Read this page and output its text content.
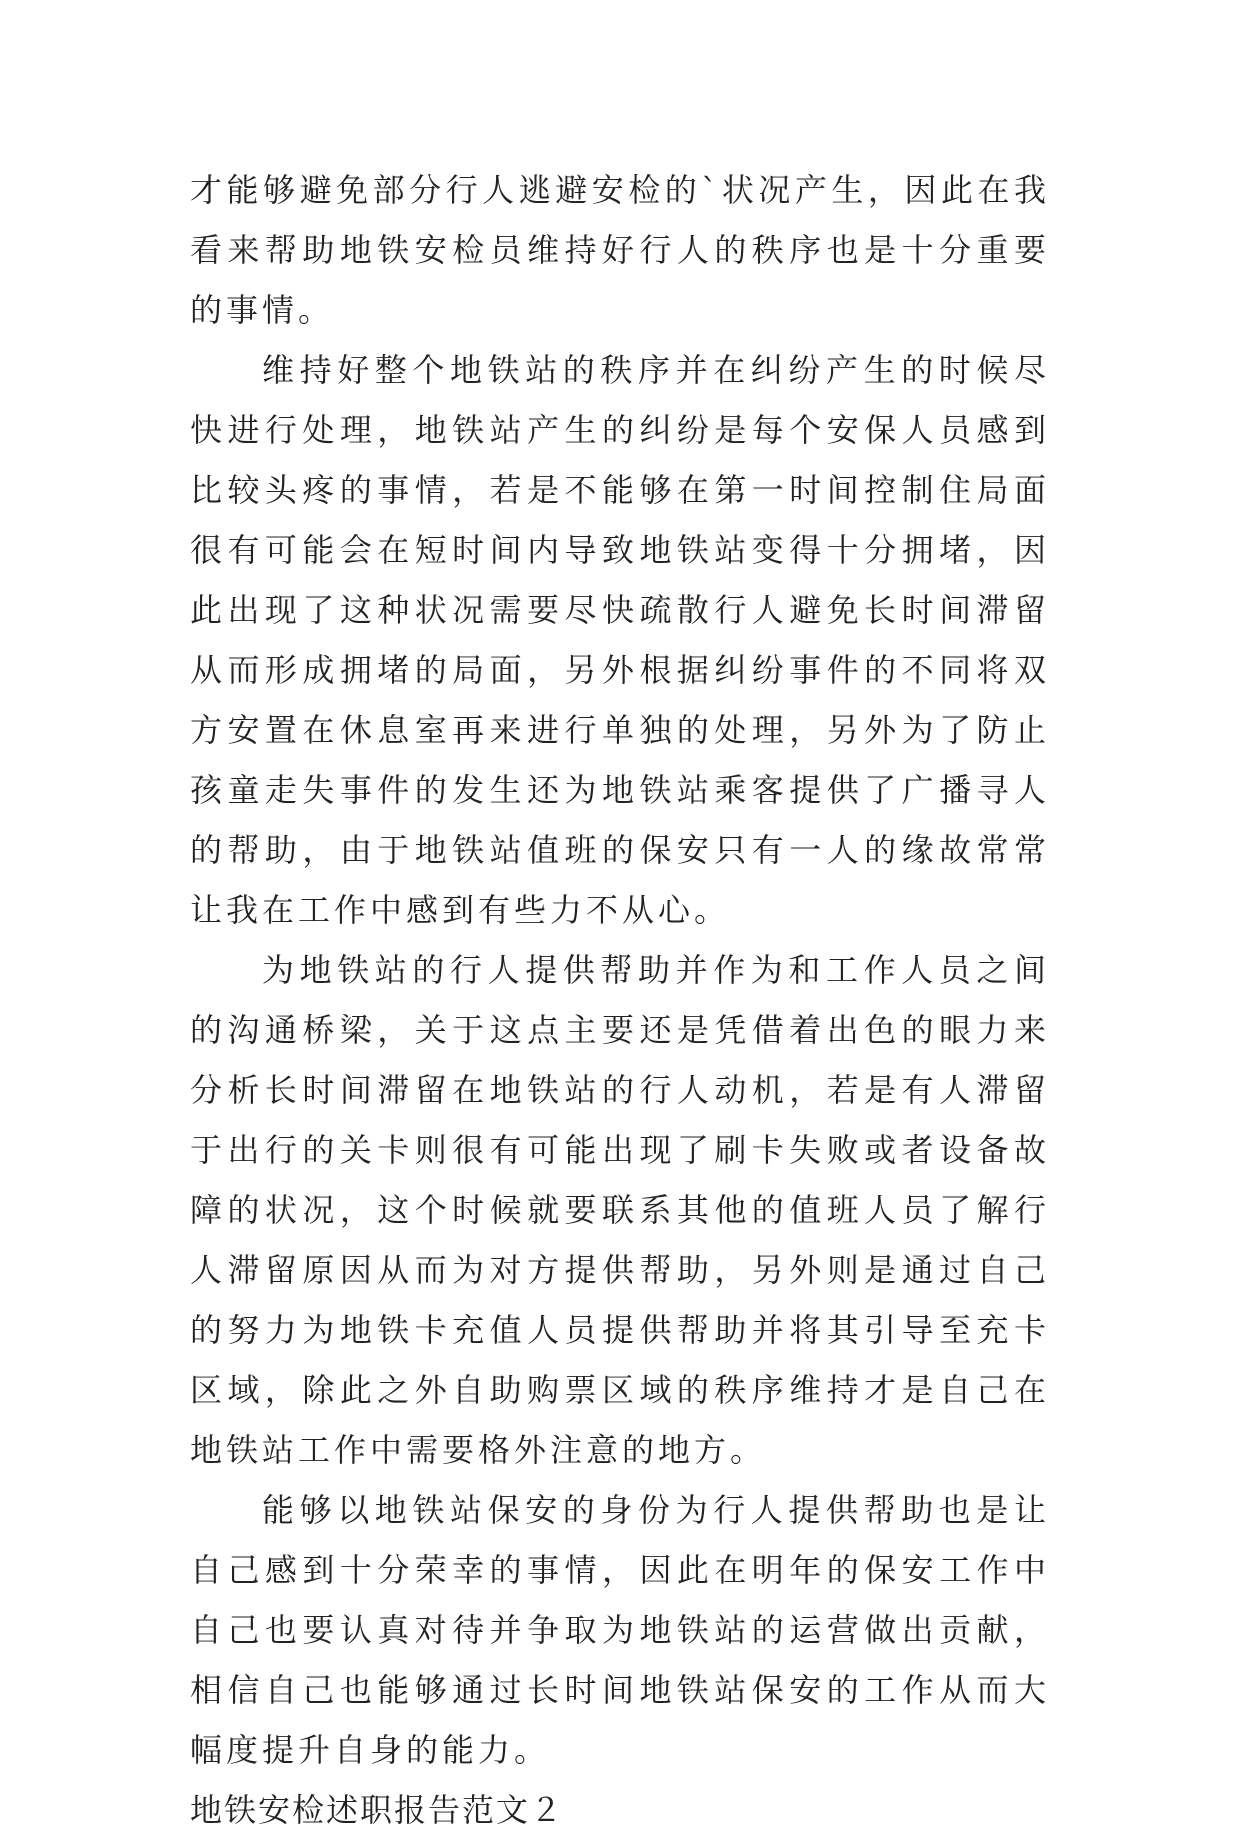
才能够避免部分行人逃避安检的`状况产生，因此在我看来帮助地铁安检员维持好行人的秩序也是十分重要的事情。

维持好整个地铁站的秩序并在纠纷产生的时候尽快进行处理，地铁站产生的纠纷是每个安保人员感到比较头疼的事情，若是不能够在第一时间控制住局面很有可能会在短时间内导致地铁站变得十分拥堵，因此出现了这种状况需要尽快疏散行人避免长时间滞留从而形成拥堵的局面，另外根据纠纷事件的不同将双方安置在休息室再来进行单独的处理，另外为了防止孩童走失事件的发生还为地铁站乘客提供了广播寻人的帮助，由于地铁站值班的保安只有一人的缘故常常让我在工作中感到有些力不从心。

为地铁站的行人提供帮助并作为和工作人员之间的沟通桥梁，关于这点主要还是凭借着出色的眼力来分析长时间滞留在地铁站的行人动机，若是有人滞留于出行的关卡则很有可能出现了刷卡失败或者设备故障的状况，这个时候就要联系其他的值班人员了解行人滞留原因从而为对方提供帮助，另外则是通过自己的努力为地铁卡充值人员提供帮助并将其引导至充卡区域，除此之外自助购票区域的秩序维持才是自己在地铁站工作中需要格外注意的地方。

能够以地铁站保安的身份为行人提供帮助也是让自己感到十分荣幸的事情，因此在明年的保安工作中自己也要认真对待并争取为地铁站的运营做出贡献，相信自己也能够通过长时间地铁站保安的工作从而大幅度提升自身的能力。

地铁安检述职报告范文２
